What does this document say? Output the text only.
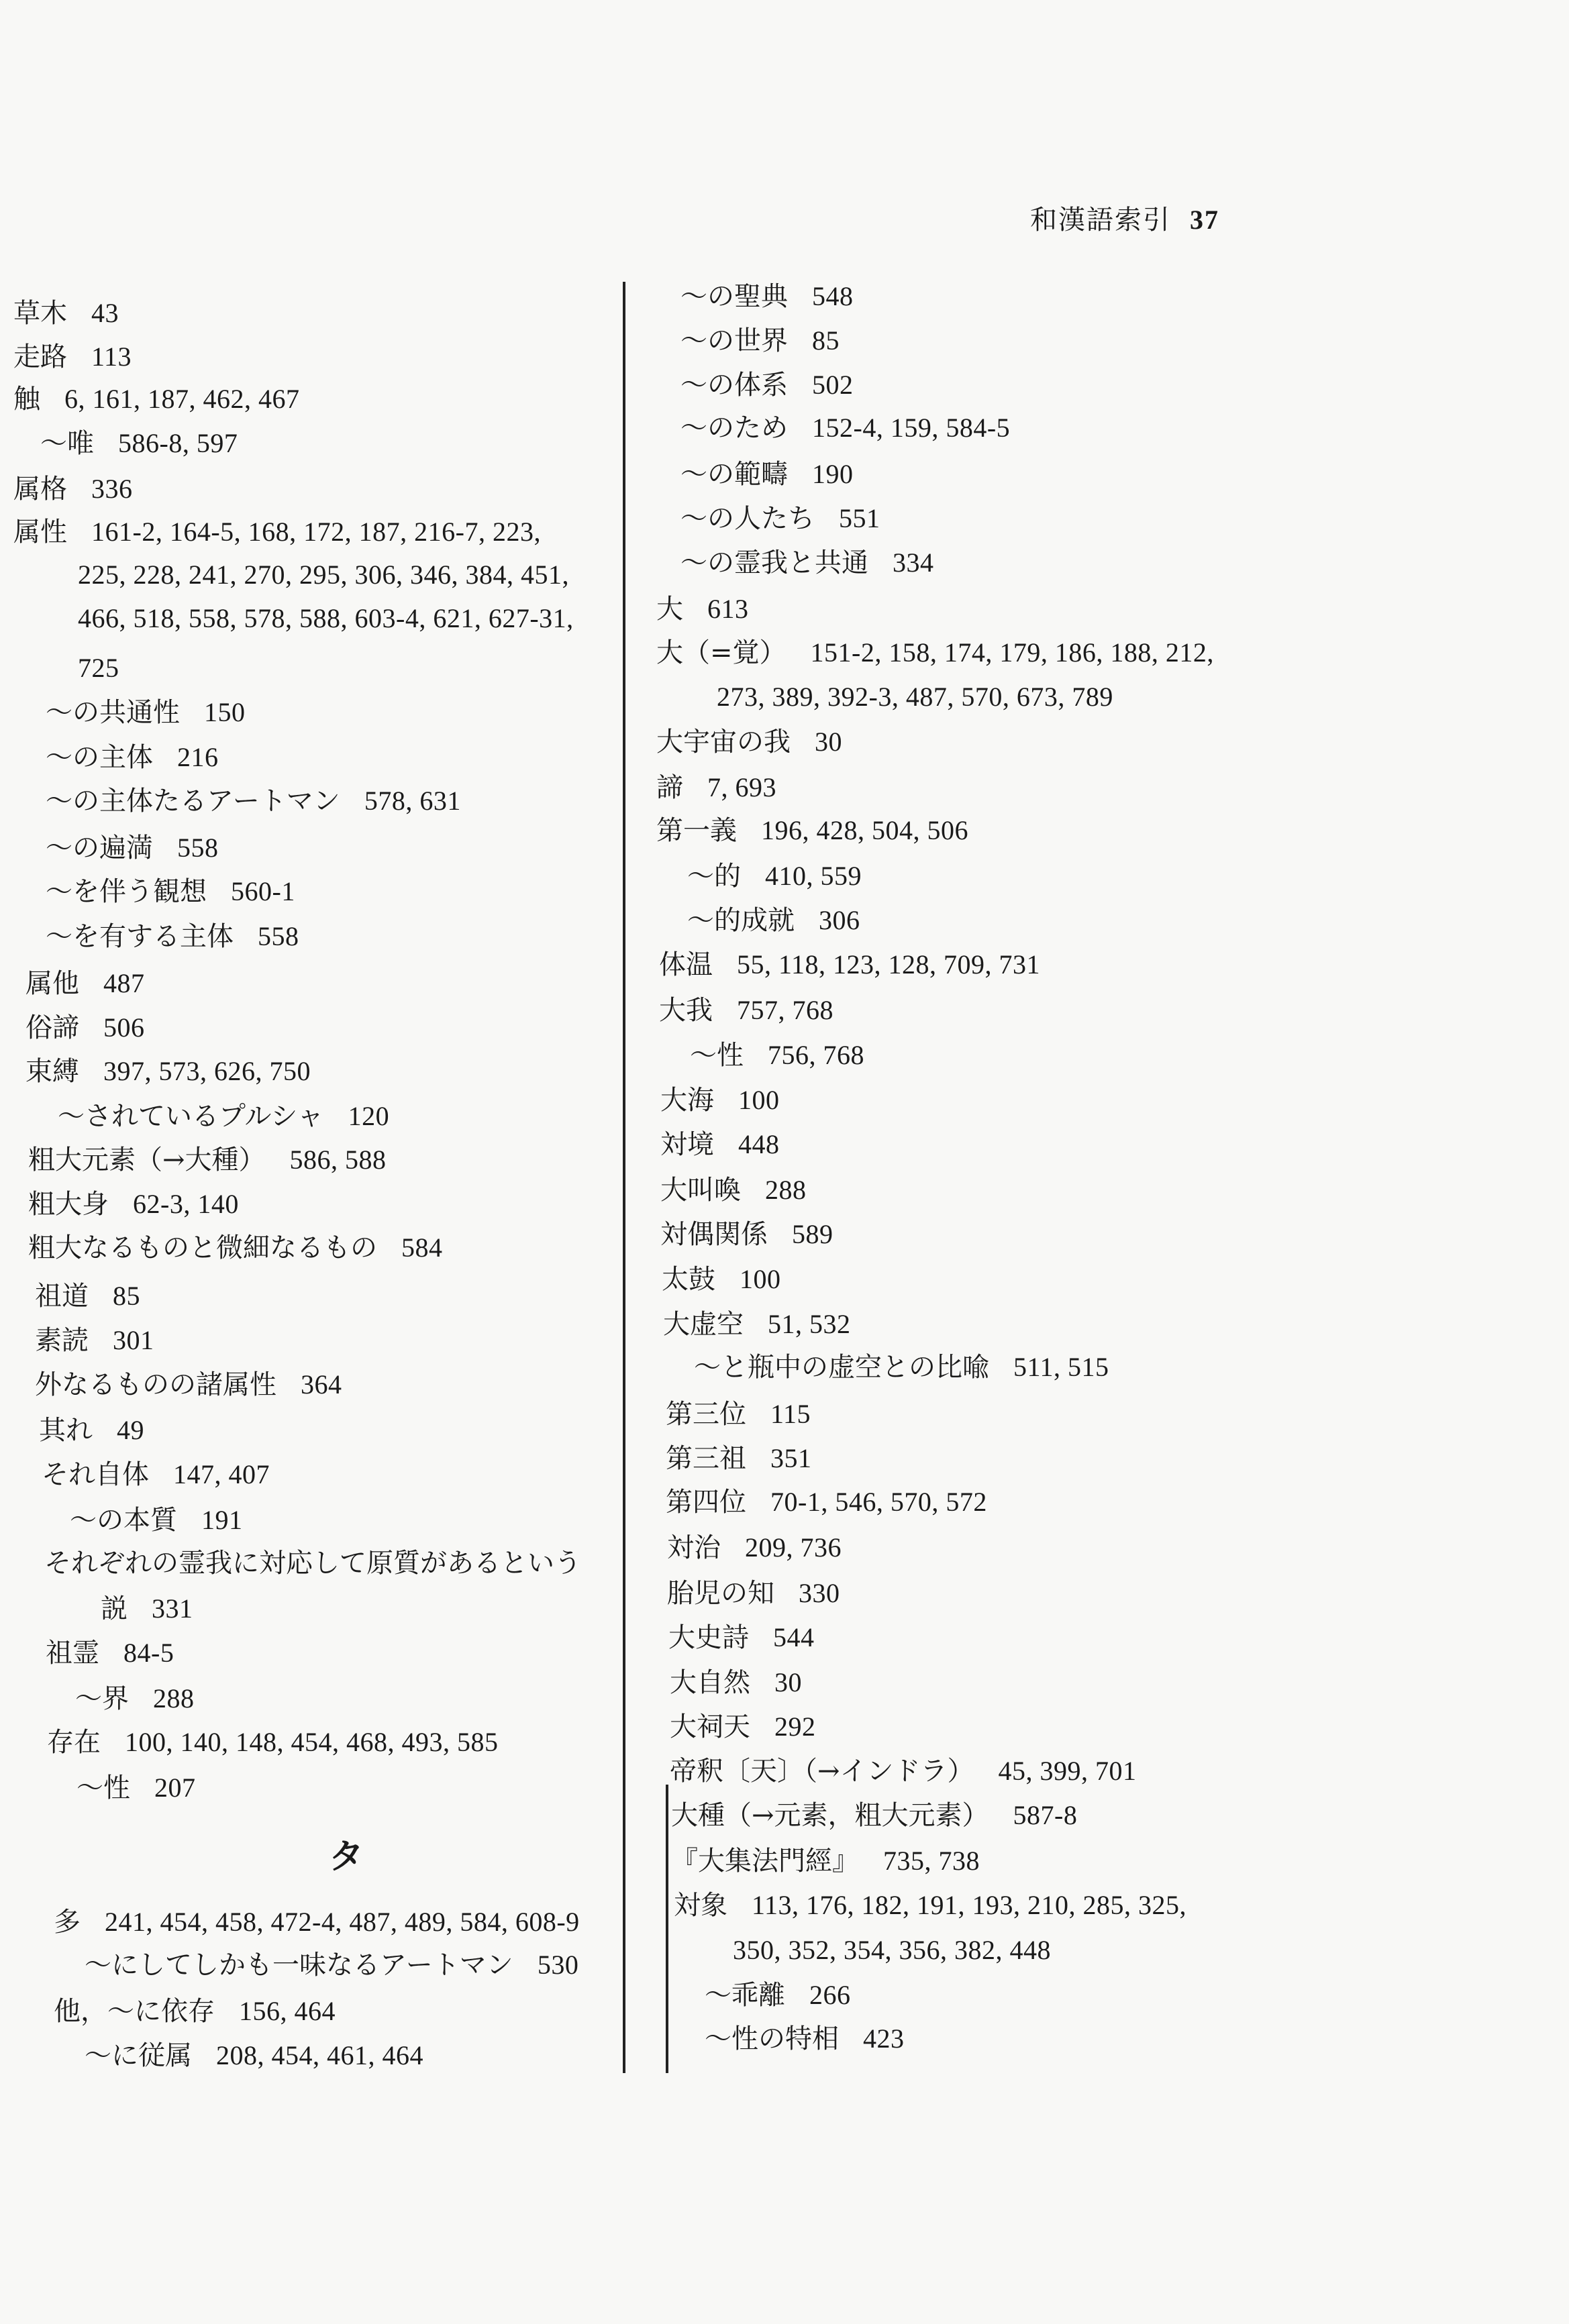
和漢語索引 37
タ
草木 43
走路 113
触 6, 161, 187, 462, 467
～唯 586-8, 597
属格 336
属性 161-2, 164-5, 168, 172, 187, 216-7, 223,
225, 228, 241, 270, 295, 306, 346, 384, 451,
466, 518, 558, 578, 588, 603-4, 621, 627-31,
725
～の共通性 150
～の主体 216
～の主体たるアートマン 578, 631
～の遍満 558
～を伴う観想 560-1
～を有する主体 558
属他 487
俗諦 506
束縛 397, 573, 626, 750
～されているプルシャ 120
粗大元素（→大種） 586, 588
粗大身 62-3, 140
粗大なるものと微細なるもの 584
祖道 85
素読 301
外なるものの諸属性 364
其れ 49
それ自体 147, 407
～の本質 191
それぞれの霊我に対応して原質があるという
説 331
祖霊 84-5
～界 288
存在 100, 140, 148, 454, 468, 493, 585
～性 207
多 241, 454, 458, 472-4, 487, 489, 584, 608-9
～にしてしかも一味なるアートマン 530
他，～に依存 156, 464
～に従属 208, 454, 461, 464
～の聖典 548
～の世界 85
～の体系 502
～のため 152-4, 159, 584-5
～の範疇 190
～の人たち 551
～の霊我と共通 334
大 613
大（=覚） 151-2, 158, 174, 179, 186, 188, 212,
273, 389, 392-3, 487, 570, 673, 789
大宇宙の我 30
諦 7, 693
第一義 196, 428, 504, 506
～的 410, 559
～的成就 306
体温 55, 118, 123, 128, 709, 731
大我 757, 768
～性 756, 768
大海 100
対境 448
大叫喚 288
対偶関係 589
太鼓 100
大虚空 51, 532
～と瓶中の虚空との比喩 511, 515
第三位 115
第三祖 351
第四位 70-1, 546, 570, 572
対治 209, 736
胎児の知 330
大史詩 544
大自然 30
大祠天 292
帝釈〔天〕（→インドラ） 45, 399, 701
大種（→元素，粗大元素） 587-8
『大集法門經』 735, 738
対象 113, 176, 182, 191, 193, 210, 285, 325,
350, 352, 354, 356, 382, 448
～乖離 266
～性の特相 423
